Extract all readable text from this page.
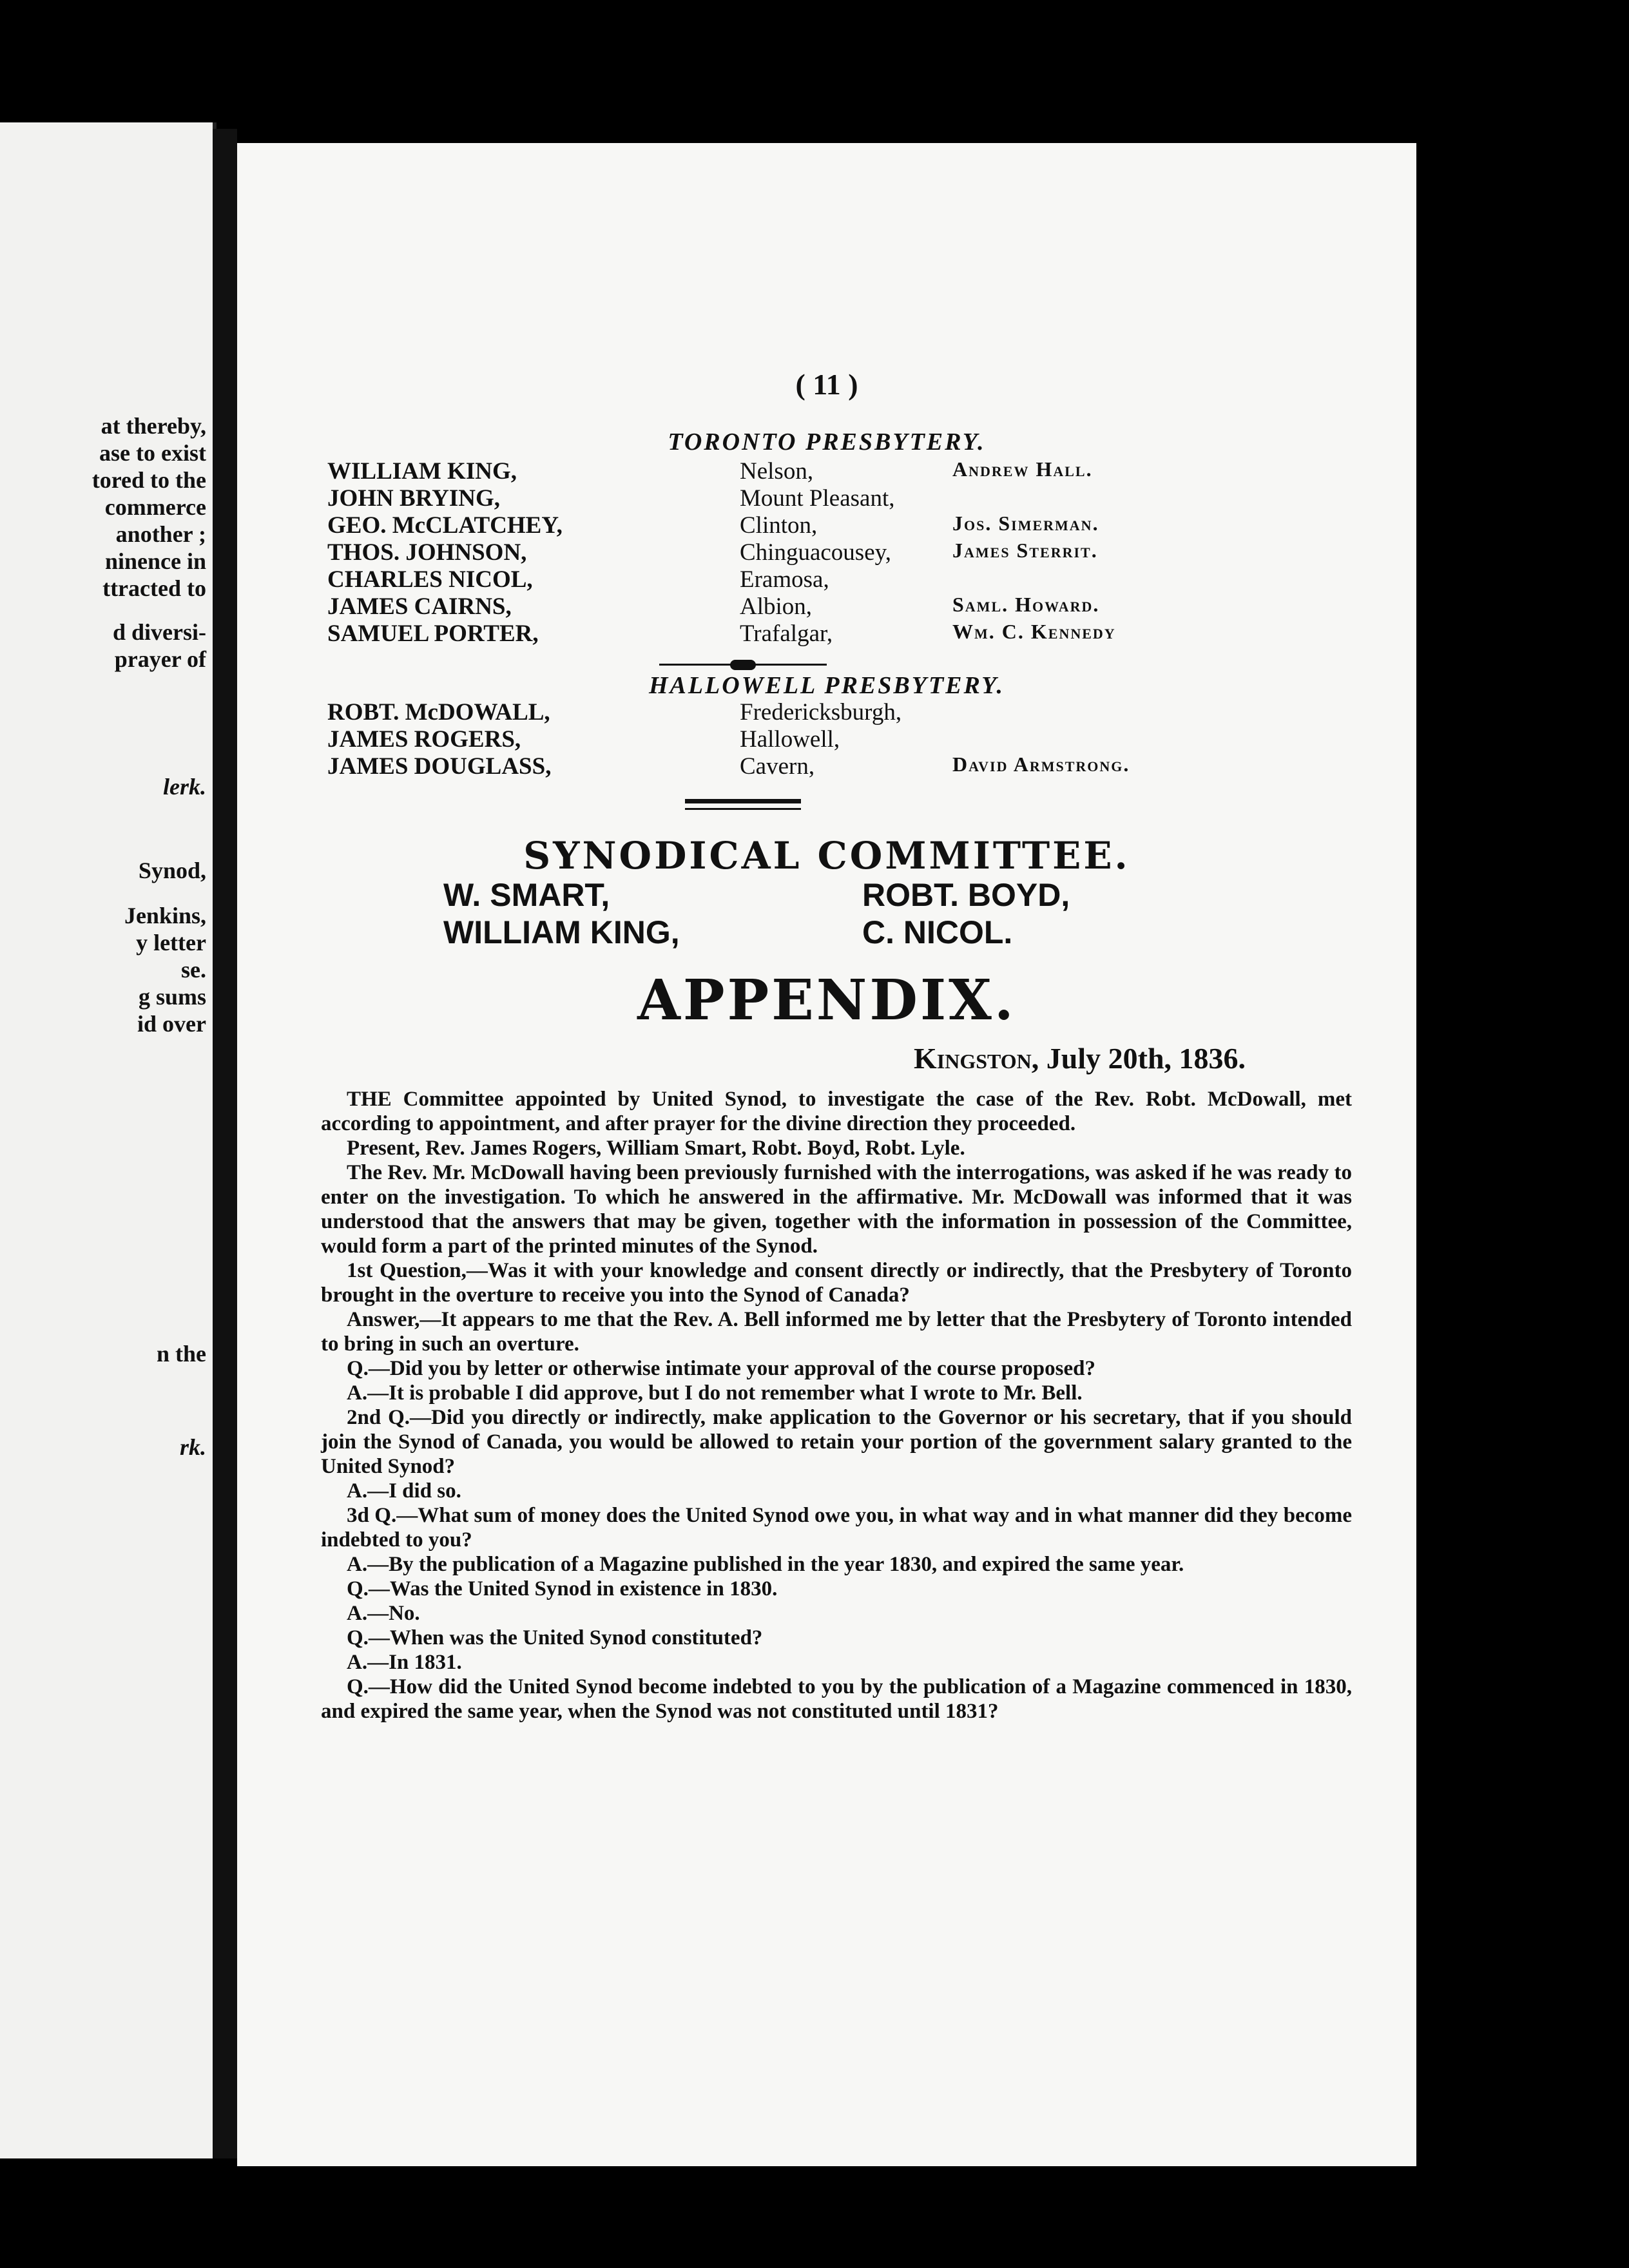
at thereby,
ase to exist
tored to the
commerce
another ;
ninence in
ttracted to
d diversi-
prayer of
lerk.
Synod,
Jenkins,
y letter
se.
g sums
id over
n the
rk.
( 11 )
TORONTO PRESBYTERY.
WILLIAM KING,	Nelson,	Andrew Hall.
JOHN BRYING,	Mount Pleasant,
GEO. McCLATCHEY,	Clinton,	Jos. Simerman.
THOS. JOHNSON,	Chinguacousey,	James Sterrit.
CHARLES NICOL,	Eramosa,
JAMES CAIRNS,	Albion,	Saml. Howard.
SAMUEL PORTER,	Trafalgar,	Wm. C. Kennedy
HALLOWELL PRESBYTERY.
ROBT. McDOWALL,	Fredericksburgh,
JAMES ROGERS,	Hallowell,
JAMES DOUGLASS,	Cavern,	David Armstrong.
SYNODICAL COMMITTEE.
W. SMART,	ROBT. BOYD,
WILLIAM KING,	C. NICOL.
APPENDIX.
Kingston, July 20th, 1836.

THE Committee appointed by United Synod, to investigate the case of the Rev. Robt. McDowall, met according to appointment, and after prayer for the divine direction they proceeded.

Present, Rev. James Rogers, William Smart, Robt. Boyd, Robt. Lyle.

The Rev. Mr. McDowall having been previously furnished with the interrogations, was asked if he was ready to enter on the investigation. To which he answered in the affirmative. Mr. McDowall was informed that it was understood that the answers that may be given, together with the information in possession of the Committee, would form a part of the printed minutes of the Synod.

1st Question,—Was it with your knowledge and consent directly or indirectly, that the Presbytery of Toronto brought in the overture to receive you into the Synod of Canada?

Answer,—It appears to me that the Rev. A. Bell informed me by letter that the Presbytery of Toronto intended to bring in such an overture.

Q.—Did you by letter or otherwise intimate your approval of the course proposed?

A.—It is probable I did approve, but I do not remember what I wrote to Mr. Bell.

2nd Q.—Did you directly or indirectly, make application to the Governor or his secretary, that if you should join the Synod of Canada, you would be allowed to retain your portion of the government salary granted to the United Synod?

A.—I did so.

3d Q.—What sum of money does the United Synod owe you, in what way and in what manner did they become indebted to you?

A.—By the publication of a Magazine published in the year 1830, and expired the same year.

Q.—Was the United Synod in existence in 1830.

A.—No.

Q.—When was the United Synod constituted?

A.—In 1831.

Q.—How did the United Synod become indebted to you by the publication of a Magazine commenced in 1830, and expired the same year, when the Synod was not constituted until 1831?
